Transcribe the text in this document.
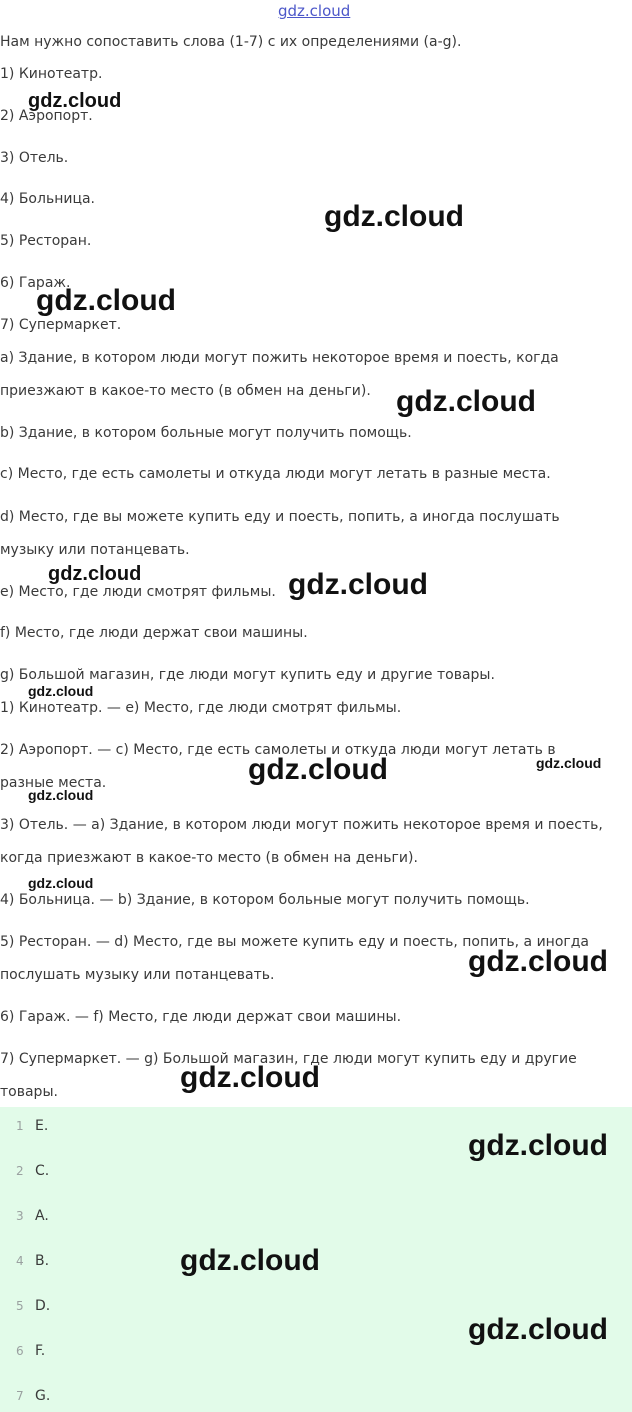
gdz.cloud
Нам нужно сопоставить слова (1-7) с их определениями (a-g).
1) Кинотеатр.
2) Аэропорт.
3) Отель.
4) Больница.
5) Ресторан.
6) Гараж.
7) Супермаркет.
a) Здание, в котором люди могут пожить некоторое время и поесть, когда
приезжают в какое-то место (в обмен на деньги).
b) Здание, в котором больные могут получить помощь.
c) Место, где есть самолеты и откуда люди могут летать в разные места.
d) Место, где вы можете купить еду и поесть, попить, а иногда послушать
музыку или потанцевать.
e) Место, где люди смотрят фильмы.
f) Место, где люди держат свои машины.
g) Большой магазин, где люди могут купить еду и другие товары.
1) Кинотеатр. — e) Место, где люди смотрят фильмы.
2) Аэропорт. — c) Место, где есть самолеты и откуда люди могут летать в
разные места.
3) Отель. — a) Здание, в котором люди могут пожить некоторое время и поесть,
когда приезжают в какое-то место (в обмен на деньги).
4) Больница. — b) Здание, в котором больные могут получить помощь.
5) Ресторан. — d) Место, где вы можете купить еду и поесть, попить, а иногда
послушать музыку или потанцевать.
6) Гараж. — f) Место, где люди держат свои машины.
7) Супермаркет. — g) Большой магазин, где люди могут купить еду и другие
товары.
1 E.
2 C.
3 A.
4 B.
5 D.
6 F.
7 G.
gdz.cloud
gdz.cloud
gdz.cloud
gdz.cloud
gdz.cloud	gdz.cloud
gdz.cloud
gdz.cloud	gdz.cloud
gdz.cloud
gdz.cloud
gdz.cloud
gdz.cloud
gdz.cloud
gdz.cloud
gdz.cloud
